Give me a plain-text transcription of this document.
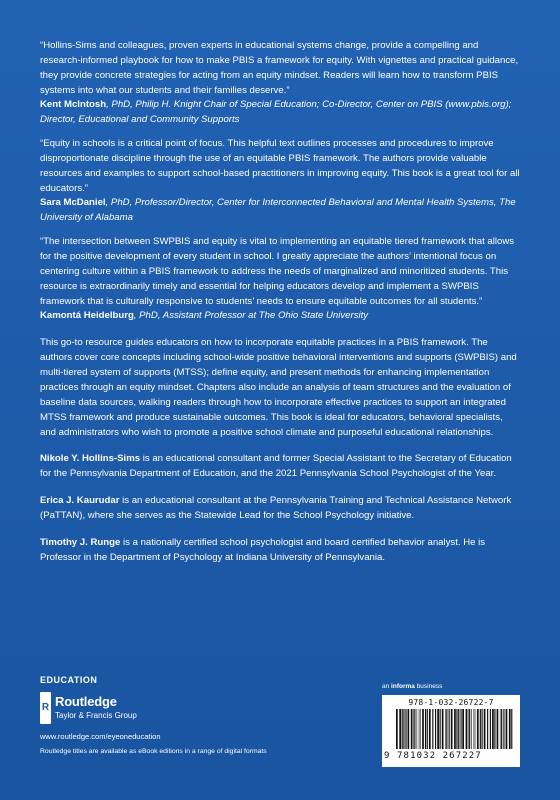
“Hollins-Sims and colleagues, proven experts in educational systems change, provide a compelling and research-informed playbook for how to make PBIS a framework for equity. With vignettes and practical guidance, they provide concrete strategies for acting from an equity mindset. Readers will learn how to transform PBIS systems into what our students and their families deserve.”

Kent McIntosh, PhD, Philip H. Knight Chair of Special Education; Co-Director, Center on PBIS (www.pbis.org); Director, Educational and Community Supports

“Equity in schools is a critical point of focus. This helpful text outlines processes and procedures to improve disproportionate discipline through the use of an equitable PBIS framework. The authors provide valuable resources and examples to support school-based practitioners in improving equity. This book is a great tool for all educators.”

Sara McDaniel, PhD, Professor/Director, Center for Interconnected Behavioral and Mental Health Systems, The University of Alabama

“The intersection between SWPBIS and equity is vital to implementing an equitable tiered framework that allows for the positive development of every student in school. I greatly appreciate the authors’ intentional focus on centering culture within a PBIS framework to address the needs of marginalized and minoritized students. This resource is extraordinarily timely and essential for helping educators develop and implement a SWPBIS framework that is culturally responsive to students’ needs to ensure equitable outcomes for all students.”

Kamontá Heidelburg, PhD, Assistant Professor at The Ohio State University

This go-to resource guides educators on how to incorporate equitable practices in a PBIS framework. The authors cover core concepts including school-wide positive behavioral interventions and supports (SWPBIS) and multi-tiered system of supports (MTSS); define equity, and present methods for enhancing implementation practices through an equity mindset. Chapters also include an analysis of team structures and the evaluation of baseline data sources, walking readers through how to incorporate effective practices to support an integrated MTSS framework and produce sustainable outcomes. This book is ideal for educators, behavioral specialists, and administrators who wish to promote a positive school climate and purposeful educational relationships.

Nikole Y. Hollins-Sims is an educational consultant and former Special Assistant to the Secretary of Education for the Pennsylvania Department of Education, and the 2021 Pennsylvania School Psychologist of the Year.

Erica J. Kaurudar is an educational consultant at the Pennsylvania Training and Technical Assistance Network (PaTTAN), where she serves as the Statewide Lead for the School Psychology initiative.

Timothy J. Runge is a nationally certified school psychologist and board certified behavior analyst. He is Professor in the Department of Psychology at Indiana University of Pennsylvania.

EDUCATION

R Routledge
Taylor & Francis Group
www.routledge.com/eyeoneducation
Routledge titles are available as eBook editions in a range of digital formats
an informa business
978-1-032-26722-7
9 781032 267227
